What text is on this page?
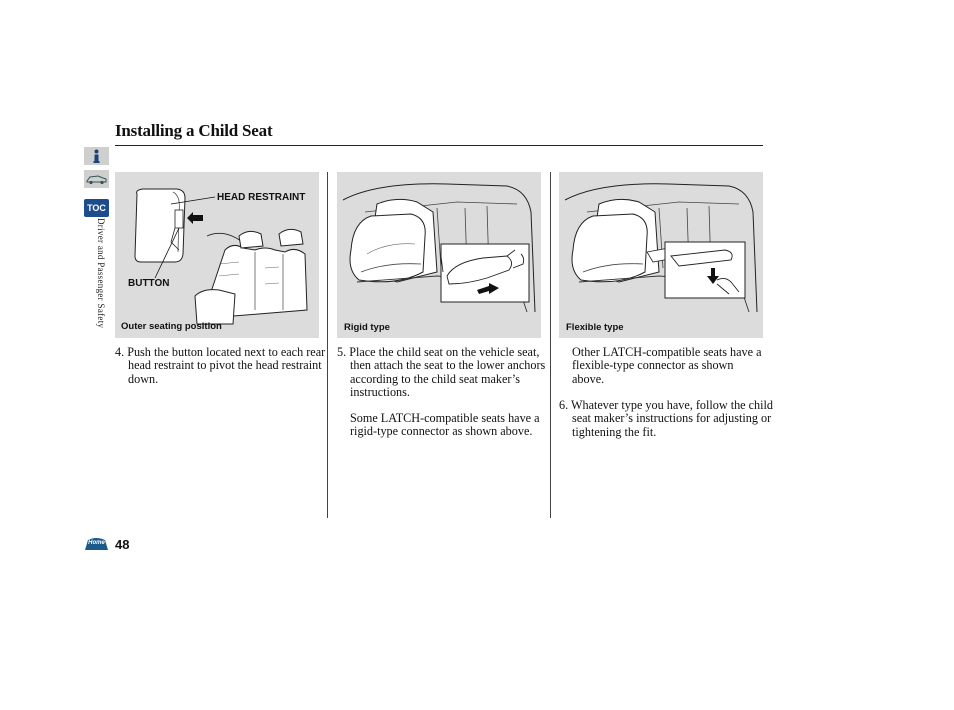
Installing a Child Seat
TOC
Driver and Passenger Safety
Home 48
HEAD RESTRAINT
BUTTON
Outer seating position	Rigid type	Flexible type
4. Push the button located next to each rear head restraint to pivot the head restraint down.
5. Place the child seat on the vehicle seat, then attach the seat to the lower anchors according to the child seat maker’s instructions.
Some LATCH-compatible seats have a rigid-type connector as shown above.
Other LATCH-compatible seats have a flexible-type connector as shown above.
6. Whatever type you have, follow the child seat maker’s instructions for adjusting or tightening the fit.
